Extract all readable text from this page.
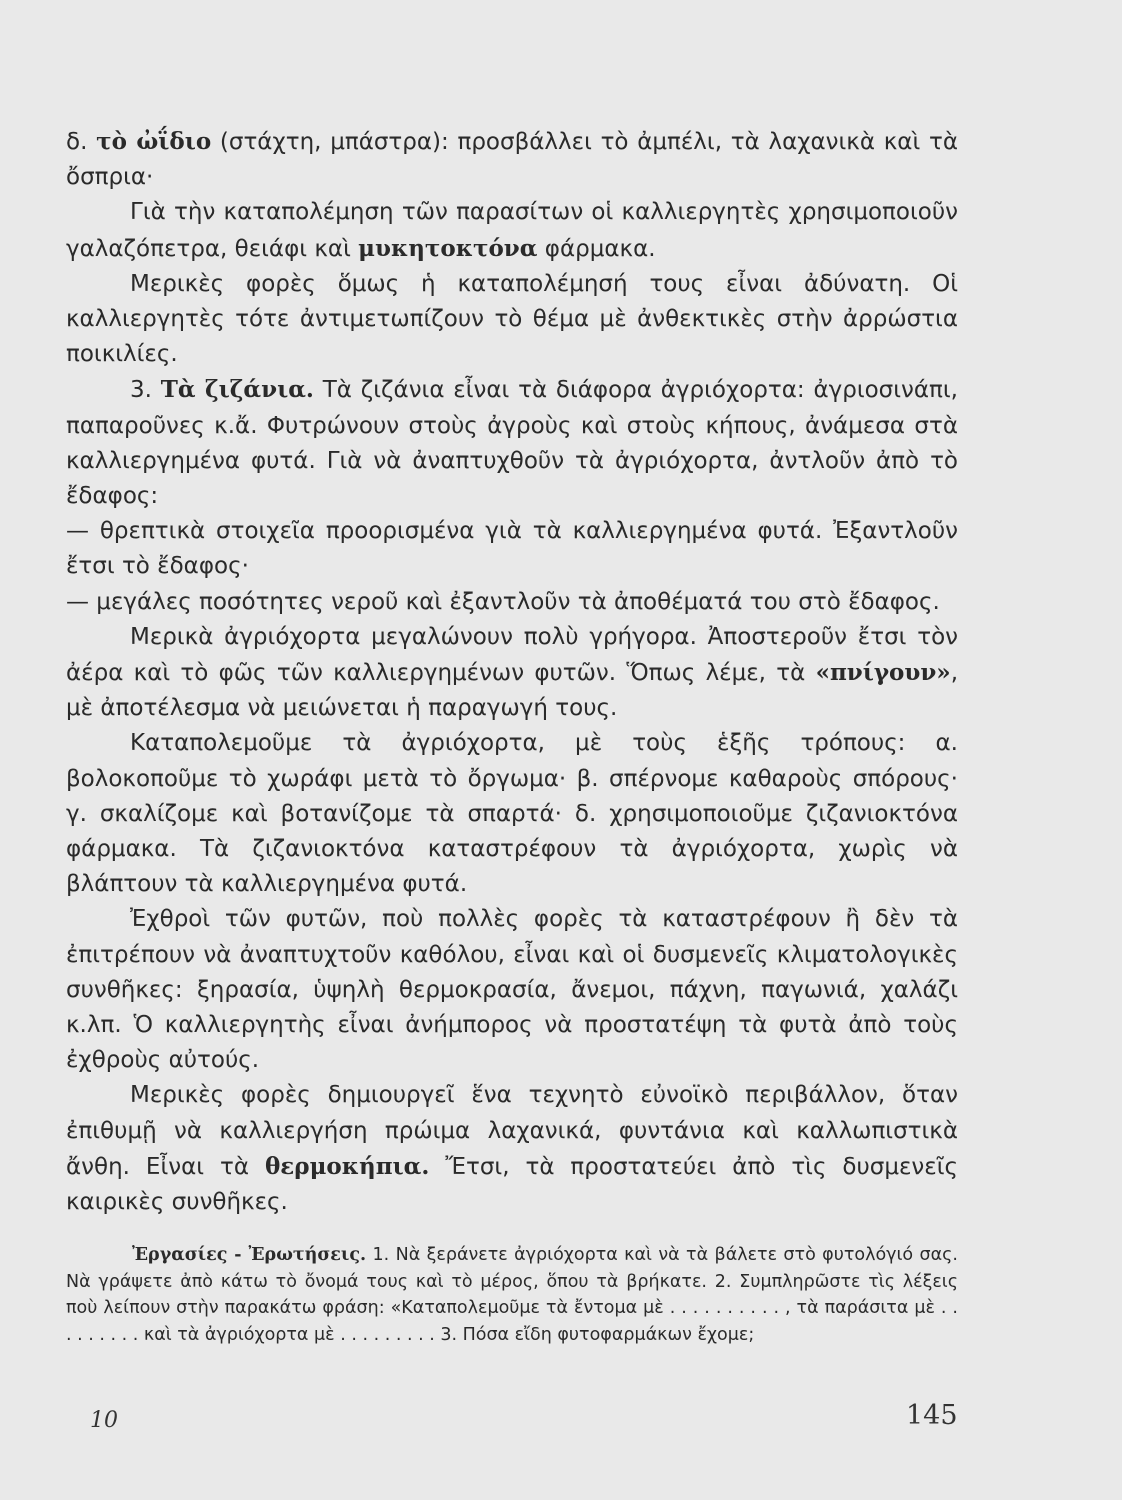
δ. τὸ ὠΐδιο (στάχτη, μπάστρα): προσβάλλει τὸ ἀμπέλι, τὰ λαχανικὰ καὶ τὰ ὄσπρια·

Γιὰ τὴν καταπολέμηση τῶν παρασίτων οἱ καλλιεργητὲς χρησιμοποιοῦν γαλαζόπετρα, θειάφι καὶ μυκητοκτόνα φάρμακα.

Μερικὲς φορὲς ὅμως ἡ καταπολέμησή τους εἶναι ἀδύνατη. Οἱ καλλιεργητὲς τότε ἀντιμετωπίζουν τὸ θέμα μὲ ἀνθεκτικὲς στὴν ἀρρώστια ποικιλίες.

3. Τὰ ζιζάνια. Τὰ ζιζάνια εἶναι τὰ διάφορα ἀγριόχορτα: ἀγριοσινάπι, παπαροῦνες κ.ἄ. Φυτρώνουν στοὺς ἀγροὺς καὶ στοὺς κήπους, ἀνάμεσα στὰ καλλιεργημένα φυτά. Γιὰ νὰ ἀναπτυχθοῦν τὰ ἀγριόχορτα, ἀντλοῦν ἀπὸ τὸ ἔδαφος:

— θρεπτικὰ στοιχεῖα προορισμένα γιὰ τὰ καλλιεργημένα φυτά. Ἐξαντλοῦν ἔτσι τὸ ἔδαφος·

— μεγάλες ποσότητες νεροῦ καὶ ἐξαντλοῦν τὰ ἀποθέματά του στὸ ἔδαφος.

Μερικὰ ἀγριόχορτα μεγαλώνουν πολὺ γρήγορα. Ἀποστεροῦν ἔτσι τὸν ἀέρα καὶ τὸ φῶς τῶν καλλιεργημένων φυτῶν. Ὅπως λέμε, τὰ «πνίγουν», μὲ ἀποτέλεσμα νὰ μειώνεται ἡ παραγωγή τους.

Καταπολεμοῦμε τὰ ἀγριόχορτα, μὲ τοὺς ἑξῆς τρόπους: α. βολοκοποῦμε τὸ χωράφι μετὰ τὸ ὄργωμα· β. σπέρνομε καθαροὺς σπόρους· γ. σκαλίζομε καὶ βοτανίζομε τὰ σπαρτά· δ. χρησιμοποιοῦμε ζιζανιοκτόνα φάρμακα. Τὰ ζιζανιοκτόνα καταστρέφουν τὰ ἀγριόχορτα, χωρὶς νὰ βλάπτουν τὰ καλλιεργημένα φυτά.

Ἐχθροὶ τῶν φυτῶν, ποὺ πολλὲς φορὲς τὰ καταστρέφουν ἢ δὲν τὰ ἐπιτρέπουν νὰ ἀναπτυχτοῦν καθόλου, εἶναι καὶ οἱ δυσμενεῖς κλιματολογικὲς συνθῆκες: ξηρασία, ὑψηλὴ θερμοκρασία, ἄνεμοι, πάχνη, παγωνιά, χαλάζι κ.λπ. Ὁ καλλιεργητὴς εἶναι ἀνήμπορος νὰ προστατέψη τὰ φυτὰ ἀπὸ τοὺς ἐχθροὺς αὐτούς.

Μερικὲς φορὲς δημιουργεῖ ἕνα τεχνητὸ εὐνοϊκὸ περιβάλλον, ὅταν ἐπιθυμῇ νὰ καλλιεργήση πρώιμα λαχανικά, φυντάνια καὶ καλλωπιστικὰ ἄνθη. Εἶναι τὰ θερμοκήπια. Ἔτσι, τὰ προστατεύει ἀπὸ τὶς δυσμενεῖς καιρικὲς συνθῆκες.

Ἐργασίες - Ἐρωτήσεις. 1. Νὰ ξεράνετε ἀγριόχορτα καὶ νὰ τὰ βάλετε στὸ φυτολόγιό σας. Νὰ γράψετε ἀπὸ κάτω τὸ ὄνομά τους καὶ τὸ μέρος, ὅπου τὰ βρήκατε. 2. Συμπληρῶστε τὶς λέξεις ποὺ λείπουν στὴν παρακάτω φράση: «Καταπολεμοῦμε τὰ ἔντομα μὲ . . . . . . . . . . , τὰ παράσιτα μὲ . . . . . . . . . καὶ τὰ ἀγριόχορτα μὲ . . . . . . . . . 3. Πόσα εἴδη φυτοφαρμάκων ἔχομε;

10	145
